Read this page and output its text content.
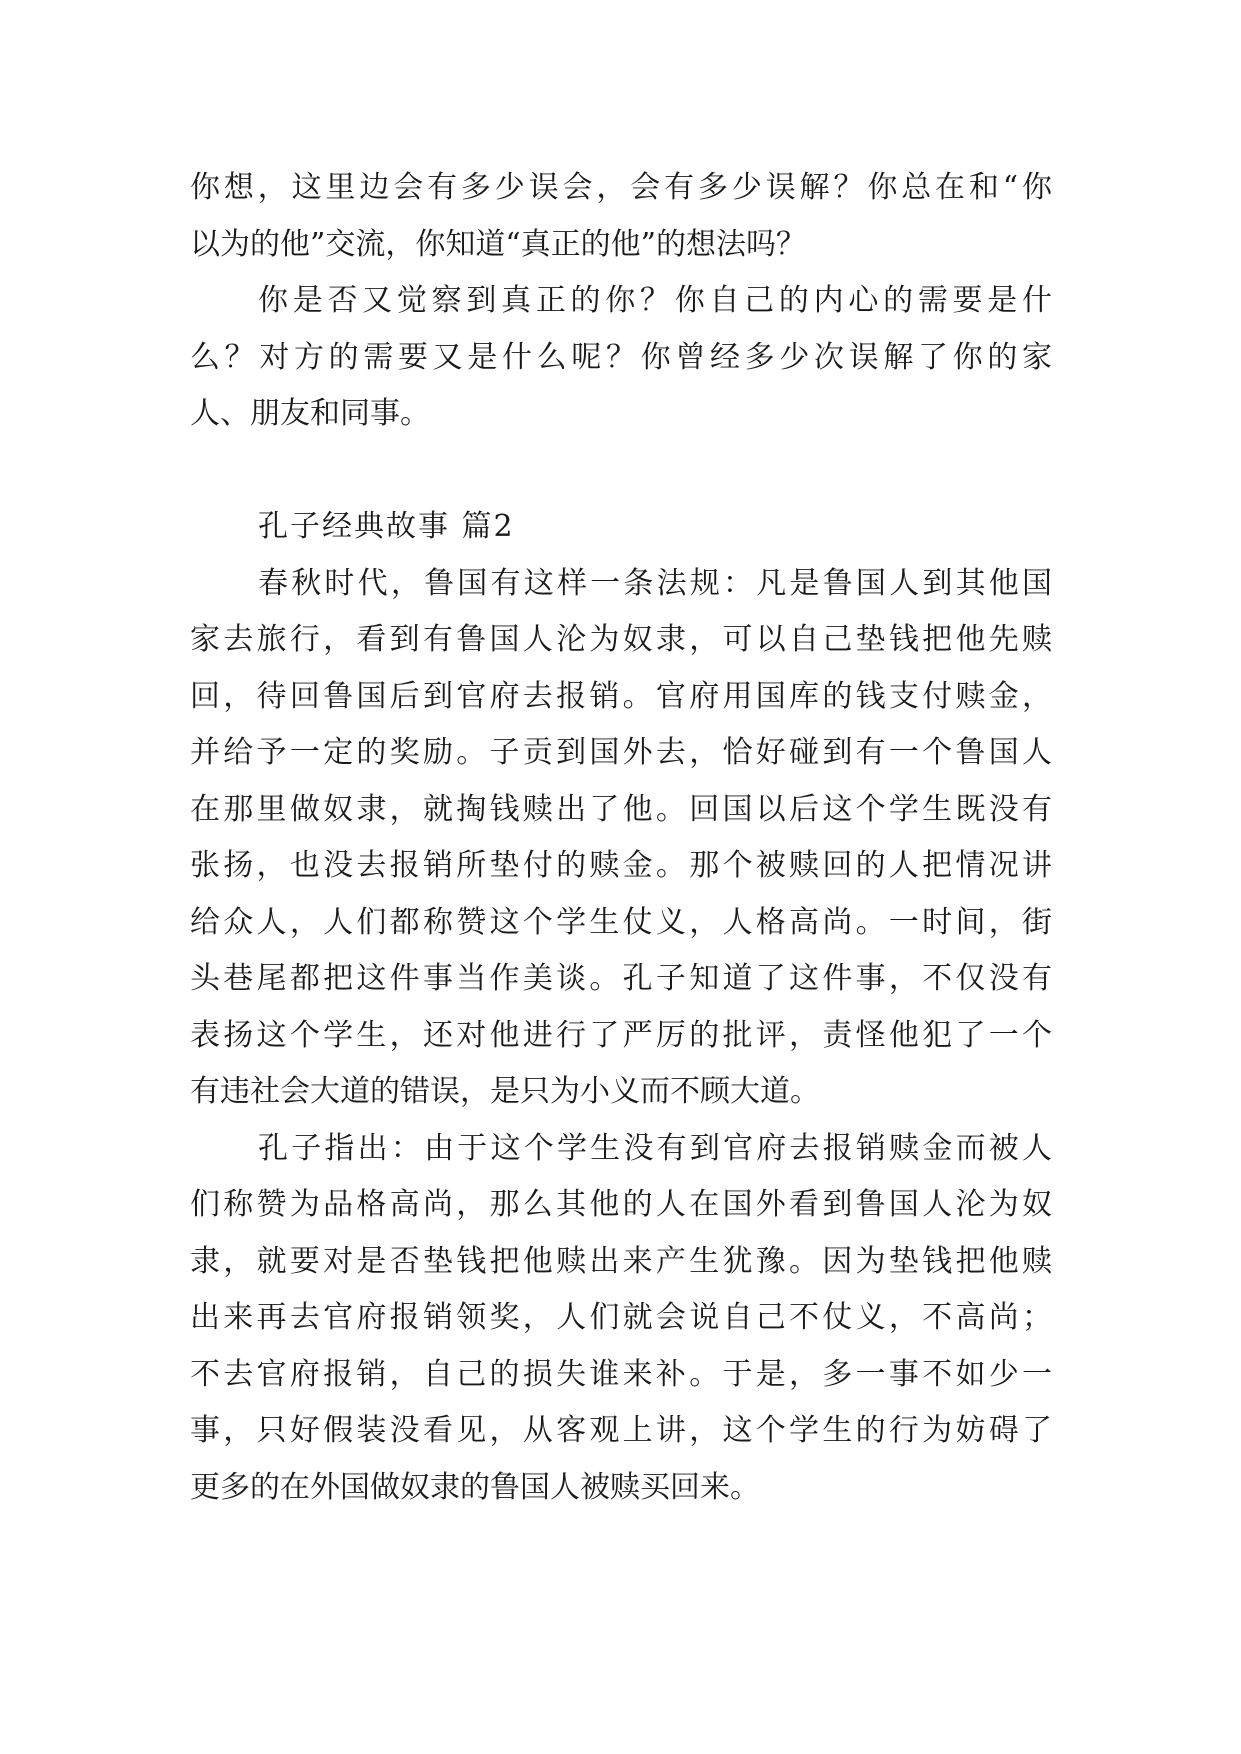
你想，这里边会有多少误会，会有多少误解？你总在和“你
以为的他”交流，你知道“真正的他”的想法吗？
你是否又觉察到真正的你？你自己的内心的需要是什
么？对方的需要又是什么呢？你曾经多少次误解了你的家
人、朋友和同事。
孔子经典故事 篇2
春秋时代，鲁国有这样一条法规：凡是鲁国人到其他国
家去旅行，看到有鲁国人沦为奴隶，可以自己垫钱把他先赎
回，待回鲁国后到官府去报销。官府用国库的钱支付赎金，
并给予一定的奖励。子贡到国外去，恰好碰到有一个鲁国人
在那里做奴隶，就掏钱赎出了他。回国以后这个学生既没有
张扬，也没去报销所垫付的赎金。那个被赎回的人把情况讲
给众人，人们都称赞这个学生仗义，人格高尚。一时间，街
头巷尾都把这件事当作美谈。孔子知道了这件事，不仅没有
表扬这个学生，还对他进行了严厉的批评，责怪他犯了一个
有违社会大道的错误，是只为小义而不顾大道。
孔子指出：由于这个学生没有到官府去报销赎金而被人
们称赞为品格高尚，那么其他的人在国外看到鲁国人沦为奴
隶，就要对是否垫钱把他赎出来产生犹豫。因为垫钱把他赎
出来再去官府报销领奖，人们就会说自己不仗义，不高尚；
不去官府报销，自己的损失谁来补。于是，多一事不如少一
事，只好假装没看见，从客观上讲，这个学生的行为妨碍了
更多的在外国做奴隶的鲁国人被赎买回来。
